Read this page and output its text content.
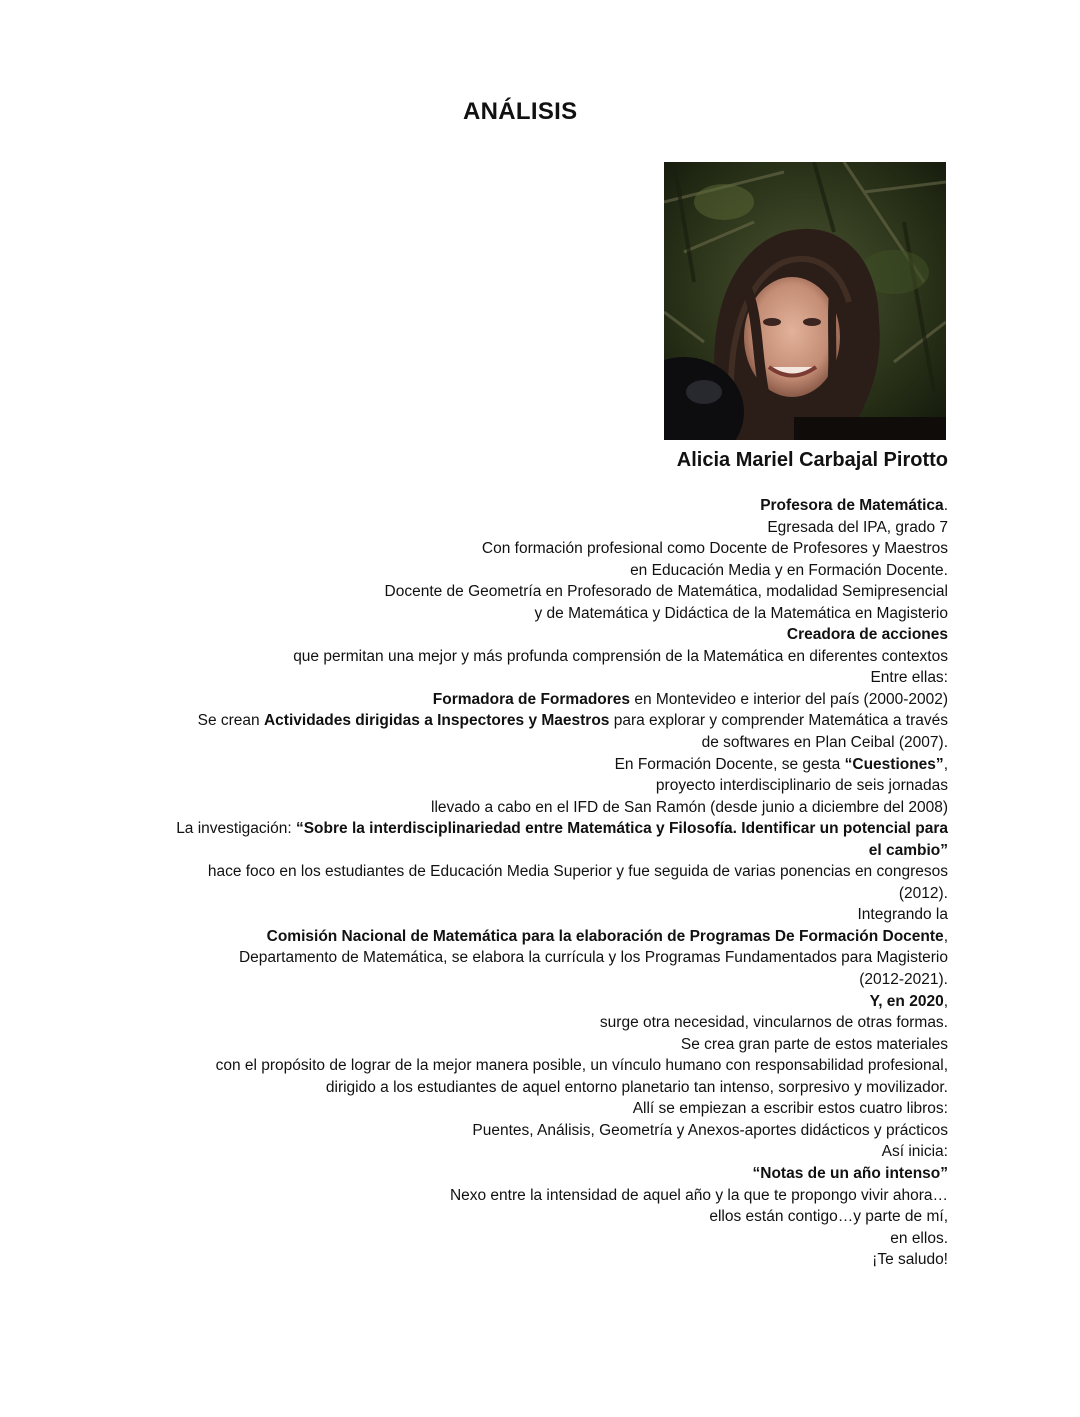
ANÁLISIS
Alicia Mariel Carbajal Pirotto
Profesora de Matemática.
Egresada del IPA, grado 7
Con formación profesional como Docente de Profesores y Maestros
en Educación Media y en Formación Docente.
Docente de Geometría en Profesorado de Matemática, modalidad Semipresencial
y de Matemática y Didáctica de la Matemática en Magisterio
Creadora de acciones
que permitan una mejor y más profunda comprensión de la Matemática en diferentes contextos
Entre ellas:
Formadora de Formadores en Montevideo e interior del país (2000-2002)
Se crean Actividades dirigidas a Inspectores y Maestros para explorar y comprender Matemática a través
de softwares en Plan Ceibal (2007).
En Formación Docente, se gesta “Cuestiones”,
proyecto interdisciplinario de seis jornadas
llevado a cabo en el IFD de San Ramón (desde junio a diciembre del 2008)
La investigación: “Sobre la interdisciplinariedad entre Matemática y Filosofía. Identificar un potencial para
el cambio”
hace foco en los estudiantes de Educación Media Superior y fue seguida de varias ponencias en congresos
(2012).
Integrando la
Comisión Nacional de Matemática para la elaboración de Programas De Formación Docente,
Departamento de Matemática, se elabora la currícula y los Programas Fundamentados para Magisterio
(2012-2021).
Y, en 2020,
surge otra necesidad, vincularnos de otras formas.
Se crea gran parte de estos materiales
con el propósito de lograr de la mejor manera posible, un vínculo humano con responsabilidad profesional,
dirigido a los estudiantes de aquel entorno planetario tan intenso, sorpresivo y movilizador.
Allí se empiezan a escribir estos cuatro libros:
Puentes, Análisis, Geometría y Anexos-aportes didácticos y prácticos
Así inicia:
“Notas de un año intenso”
Nexo entre la intensidad de aquel año y la que te propongo vivir ahora…
ellos están contigo…y parte de mí,
en ellos.
¡Te saludo!
